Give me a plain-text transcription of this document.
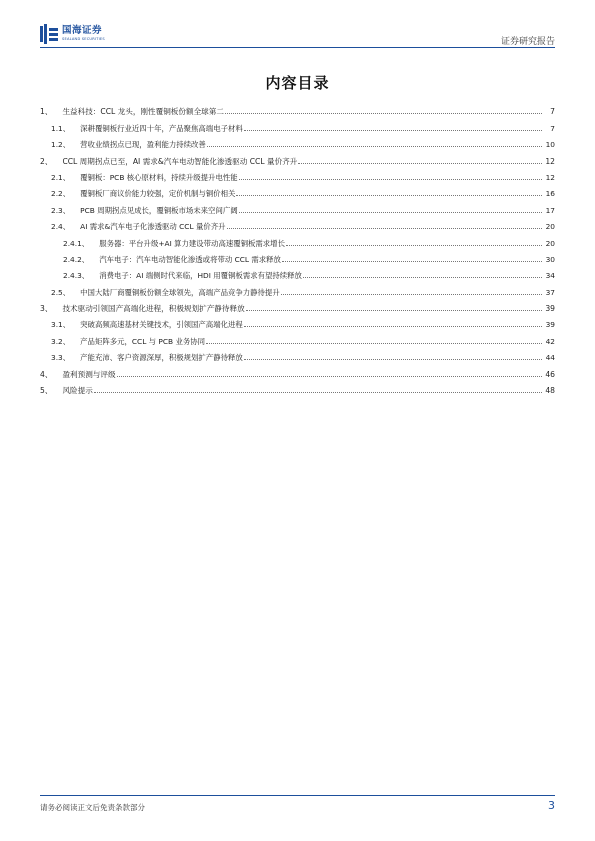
国海证券
SEALAND SECURITIES	证券研究报告
内容目录
1、 生益科技：CCL 龙头，刚性覆铜板份额全球第二	7
1.1、 深耕覆铜板行业近四十年，产品聚焦高端电子材料	7
1.2、 营收业绩拐点已现，盈利能力持续改善	10
2、 CCL 周期拐点已至，AI 需求&汽车电动智能化渗透驱动 CCL 量价齐升	12
2.1、 覆铜板：PCB 核心原材料，持续升级提升电性能	12
2.2、 覆铜板厂商议价能力较强，定价机制与铜价相关	16
2.3、 PCB 周期拐点见成长，覆铜板市场未来空间广阔	17
2.4、 AI 需求&汽车电子化渗透驱动 CCL 量价齐升	20
2.4.1、 服务器：平台升级+AI 算力建设带动高速覆铜板需求增长	20
2.4.2、 汽车电子：汽车电动智能化渗透或将带动 CCL 需求释放	30
2.4.3、 消费电子：AI 端侧时代来临，HDI 用覆铜板需求有望持续释放	34
2.5、 中国大陆厂商覆铜板份额全球领先，高端产品竞争力静待提升	37
3、 技术驱动引领国产高端化进程，积极规划扩产静待释放	39
3.1、 突破高频高速基材关键技术，引领国产高端化进程	39
3.2、 产品矩阵多元，CCL 与 PCB 业务协同	42
3.3、 产能充沛、客户资源深厚，积极规划扩产静待释放	44
4、 盈利预测与评级	46
5、 风险提示	48
请务必阅读正文后免责条款部分	3
